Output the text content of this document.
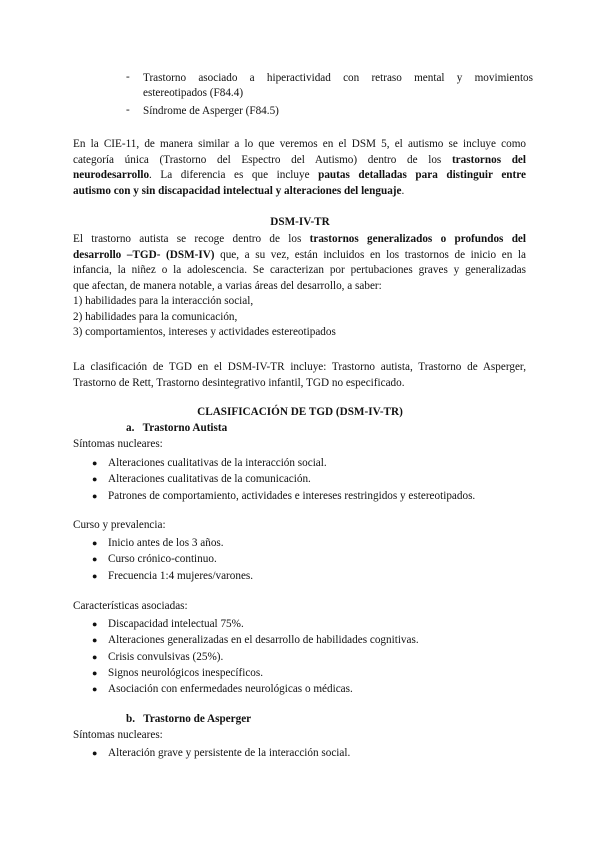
- Trastorno asociado a hiperactividad con retraso mental y movimientos
estereotipados (F84.4)
- Síndrome de Asperger (F84.5)
En la CIE-11, de manera similar a lo que veremos en el DSM 5, el autismo se incluye como
categoría única (Trastorno del Espectro del Autismo) dentro de los trastornos del
neurodesarrollo. La diferencia es que incluye pautas detalladas para distinguir entre
autismo con y sin discapacidad intelectual y alteraciones del lenguaje.
DSM-IV-TR
El trastorno autista se recoge dentro de los trastornos generalizados o profundos del
desarrollo –TGD- (DSM-IV) que, a su vez, están incluidos en los trastornos de inicio en la
infancia, la niñez o la adolescencia. Se caracterizan por pertubaciones graves y generalizadas
que afectan, de manera notable, a varias áreas del desarrollo, a saber:
1) habilidades para la interacción social,
2) habilidades para la comunicación,
3) comportamientos, intereses y actividades estereotipados
La clasificación de TGD en el DSM-IV-TR incluye: Trastorno autista, Trastorno de Asperger,
Trastorno de Rett, Trastorno desintegrativo infantil, TGD no especificado.
CLASIFICACIÓN DE TGD (DSM-IV-TR)
a.   Trastorno Autista
Síntomas nucleares:
● Alteraciones cualitativas de la interacción social.
● Alteraciones cualitativas de la comunicación.
● Patrones de comportamiento, actividades e intereses restringidos y estereotipados.
Curso y prevalencia:
● Inicio antes de los 3 años.
● Curso crónico-continuo.
● Frecuencia 1:4 mujeres/varones.
Características asociadas:
● Discapacidad intelectual 75%.
● Alteraciones generalizadas en el desarrollo de habilidades cognitivas.
● Crisis convulsivas (25%).
● Signos neurológicos inespecíficos.
● Asociación con enfermedades neurológicas o médicas.
b.   Trastorno de Asperger
Síntomas nucleares:
● Alteración grave y persistente de la interacción social.
